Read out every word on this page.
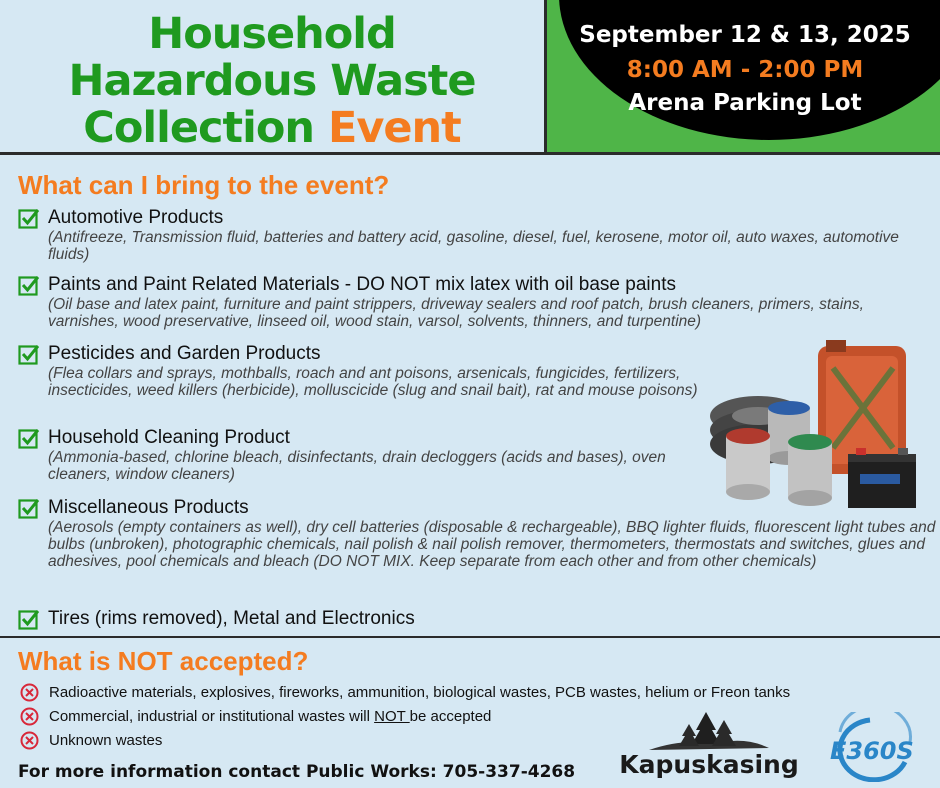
Household
Hazardous Waste
Collection Event
September 12 & 13, 2025
8:00 AM - 2:00 PM
Arena Parking Lot
What can I bring to the event?
Automotive Products
(Antifreeze, Transmission fluid, batteries and battery acid, gasoline, diesel, fuel, kerosene, motor oil, auto waxes, automotive fluids)
Paints and Paint Related Materials - DO NOT mix latex with oil base paints
(Oil base and latex paint, furniture and paint strippers, driveway sealers and roof patch, brush cleaners, primers, stains, varnishes, wood preservative, linseed oil, wood stain, varsol, solvents, thinners, and turpentine)
Pesticides and Garden Products
(Flea collars and sprays, mothballs, roach and ant poisons, arsenicals, fungicides, fertilizers, insecticides, weed killers (herbicide), molluscicide (slug and snail bait), rat and mouse poisons)
Household Cleaning Product
(Ammonia-based, chlorine bleach, disinfectants, drain decloggers (acids and bases), oven cleaners, window cleaners)
Miscellaneous Products
(Aerosols (empty containers as well), dry cell batteries (disposable & rechargeable), BBQ lighter fluids, fluorescent light tubes and bulbs (unbroken), photographic chemicals, nail polish & nail polish remover, thermometers, thermostats and switches, glues and adhesives, pool chemicals and bleach (DO NOT MIX. Keep separate from each other and from other chemicals)
Tires (rims removed), Metal and Electronics
What is NOT accepted?
Radioactive materials, explosives, fireworks, ammunition, biological wastes, PCB wastes, helium or Freon tanks
Commercial, industrial or institutional wastes will NOT be accepted
Unknown wastes
For more information contact Public Works: 705-337-4268 Kapuskasing E360S
